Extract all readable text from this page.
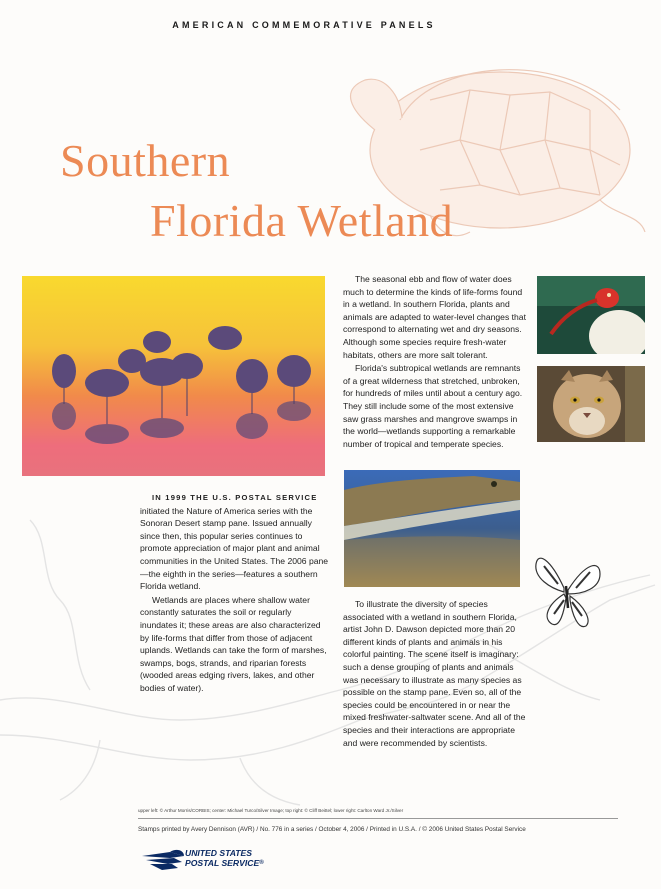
AMERICAN COMMEMORATIVE PANELS
Southern
Florida Wetland

The seasonal ebb and flow of water does much to determine the kinds of life-forms found in a wetland. In southern Florida, plants and animals are adapted to water-level changes that correspond to alternating wet and dry seasons. Although some species require fresh-water habitats, others are more salt tolerant.

Florida's subtropical wetlands are remnants of a great wilderness that stretched, unbroken, for hundreds of miles until about a century ago. They still include some of the most extensive saw grass marshes and mangrove swamps in the world—wetlands supporting a remarkable number of tropical and temperate species.

IN 1999 THE U.S. POSTAL SERVICE initiated the Nature of America series with the Sonoran Desert stamp pane. Issued annually since then, this popular series continues to promote appreciation of major plant and animal communities in the United States. The 2006 pane—the eighth in the series—features a southern Florida wetland.

Wetlands are places where shallow water constantly saturates the soil or regularly inundates it; these areas are also characterized by life-forms that differ from those of adjacent uplands. Wetlands can take the form of marshes, swamps, bogs, strands, and riparian forests (wooded areas edging rivers, lakes, and other bodies of water).

To illustrate the diversity of species associated with a wetland in southern Florida, artist John D. Dawson depicted more than 20 different kinds of plants and animals in his colorful painting. The scene itself is imaginary: such a dense grouping of plants and animals was necessary to illustrate as many species as possible on the stamp pane. Even so, all of the species could be encountered in or near the mixed freshwater-saltwater scene. And all of the species and their interactions are appropriate and were recommended by scientists.

upper left: © Arthur Morris/CORBIS; center: Michael Turco/Silver Image; top right: © Cliff Beittel; lower right: Carlton Ward Jr./Silver
Stamps printed by Avery Dennison (AVR) / No. 776 in a series / October 4, 2006 / Printed in U.S.A. / © 2006 United States Postal Service
UNITED STATES
POSTAL SERVICE®
